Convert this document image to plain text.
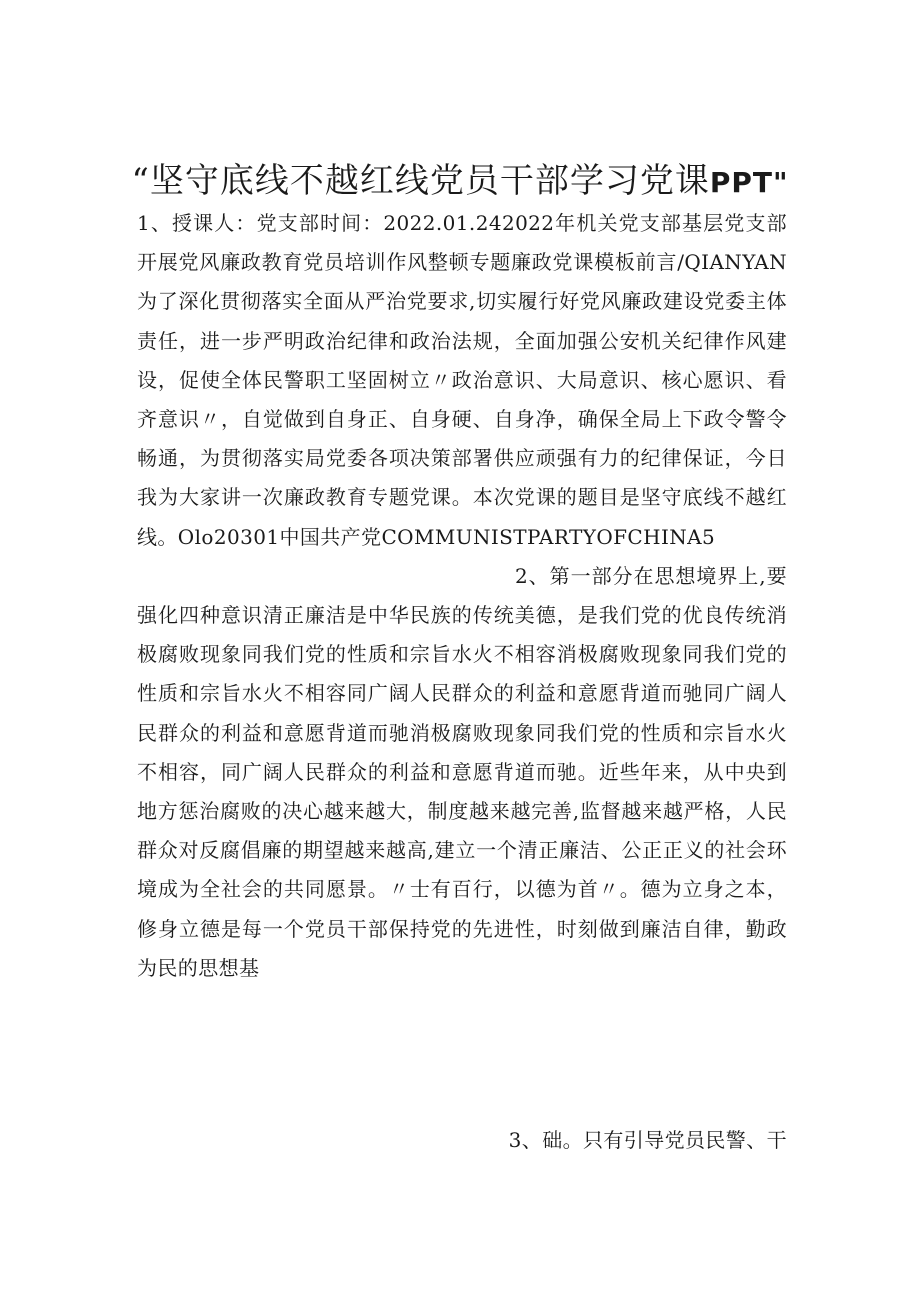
“坚守底线不越红线党员干部学习党课PPT"

1、授课人：党支部时间：2022.01.242022年机关党支部基层党支部开展党风廉政教育党员培训作风整顿专题廉政党课模板前言/QIANYAN为了深化贯彻落实全面从严治党要求,切实履行好党风廉政建设党委主体责任，进一步严明政治纪律和政治法规，全面加强公安机关纪律作风建设，促使全体民警职工坚固树立〃政治意识、大局意识、核心愿识、看齐意识〃，自觉做到自身正、自身硬、自身净，确保全局上下政令警令畅通，为贯彻落实局党委各项决策部署供应顽强有力的纪律保证，今日我为大家讲一次廉政教育专题党课。本次党课的题目是坚守底线不越红线。Olo20301中国共产党COMMUNISTPARTYOFCHINA5

2、第一部分在思想境界上,要强化四种意识清正廉洁是中华民族的传统美德，是我们党的优良传统消极腐败现象同我们党的性质和宗旨水火不相容消极腐败现象同我们党的性质和宗旨水火不相容同广阔人民群众的利益和意愿背道而驰同广阔人民群众的利益和意愿背道而驰消极腐败现象同我们党的性质和宗旨水火不相容，同广阔人民群众的利益和意愿背道而驰。近些年来，从中央到地方惩治腐败的决心越来越大，制度越来越完善,监督越来越严格，人民群众对反腐倡廉的期望越来越高,建立一个清正廉洁、公正正义的社会环境成为全社会的共同愿景。〃士有百行，以德为首〃。德为立身之本，修身立德是每一个党员干部保持党的先进性，时刻做到廉洁自律，勤政为民的思想基

3、础。只有引导党员民警、干
